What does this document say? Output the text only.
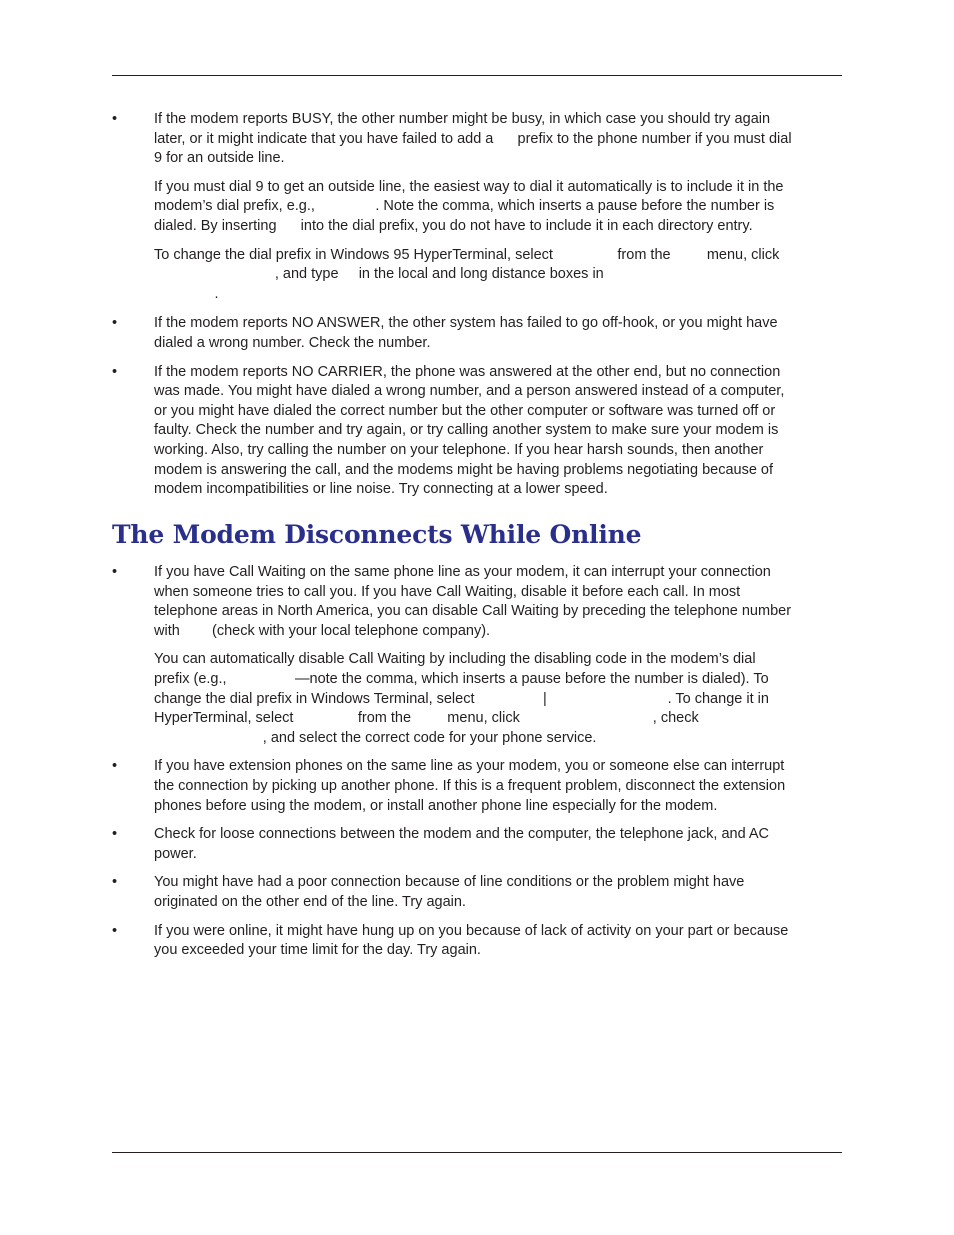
•	If the modem reports BUSY, the other number might be busy, in which case you should try again
later, or it might indicate that you have failed to add a      prefix to the phone number if you must dial
9 for an outside line.

If you must dial 9 to get an outside line, the easiest way to dial it automatically is to include it in the
modem’s dial prefix, e.g.,               . Note the comma, which inserts a pause before the number is
dialed. By inserting      into the dial prefix, you do not have to include it in each directory entry.

To change the dial prefix in Windows 95 HyperTerminal, select                from the         menu, click
, and type     in the local and long distance boxes in
.

•	If the modem reports NO ANSWER, the other system has failed to go off-hook, or you might have
dialed a wrong number. Check the number.

•	If the modem reports NO CARRIER, the phone was answered at the other end, but no connection
was made. You might have dialed a wrong number, and a person answered instead of a computer,
or you might have dialed the correct number but the other computer or software was turned off or
faulty. Check the number and try again, or try calling another system to make sure your modem is
working. Also, try calling the number on your telephone. If you hear harsh sounds, then another
modem is answering the call, and the modems might be having problems negotiating because of
modem incompatibilities or line noise. Try connecting at a lower speed.

The Modem Disconnects While Online
•	If you have Call Waiting on the same phone line as your modem, it can interrupt your connection
when someone tries to call you. If you have Call Waiting, disable it before each call. In most
telephone areas in North America, you can disable Call Waiting by preceding the telephone number
with        (check with your local telephone company).

You can automatically disable Call Waiting by including the disabling code in the modem’s dial
prefix (e.g.,                 —note the comma, which inserts a pause before the number is dialed). To
change the dial prefix in Windows Terminal, select                 |                              . To change it in
HyperTerminal, select                from the         menu, click                                 , check
, and select the correct code for your phone service.

•	If you have extension phones on the same line as your modem, you or someone else can interrupt
the connection by picking up another phone. If this is a frequent problem, disconnect the extension
phones before using the modem, or install another phone line especially for the modem.

•	Check for loose connections between the modem and the computer, the telephone jack, and AC
power.

•	You might have had a poor connection because of line conditions or the problem might have
originated on the other end of the line. Try again.

•	If you were online, it might have hung up on you because of lack of activity on your part or because
you exceeded your time limit for the day. Try again.
